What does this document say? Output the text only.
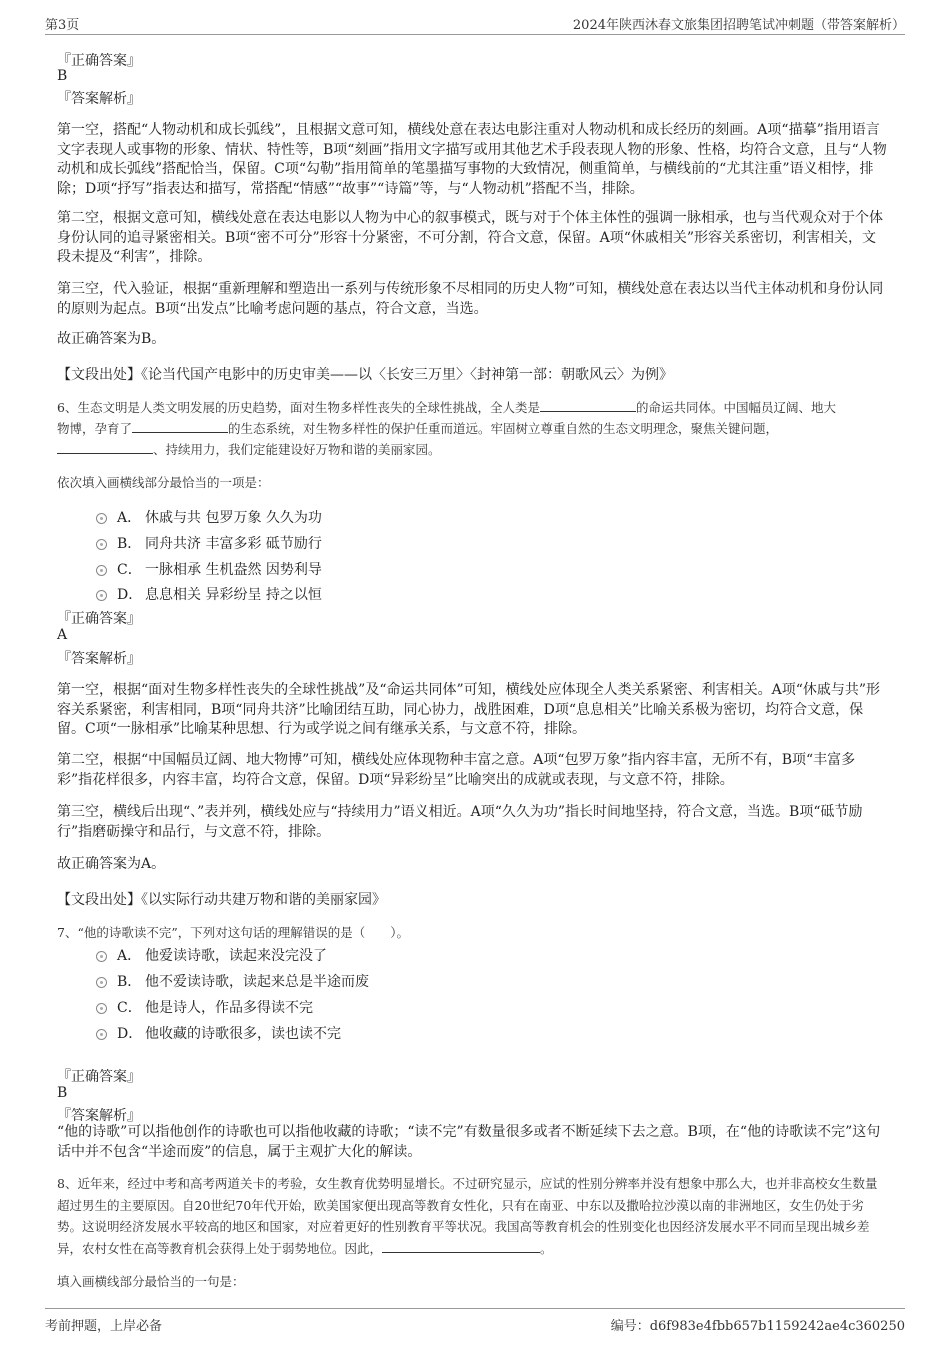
第3页	2024年陕西沐春文旅集团招聘笔试冲刺题（带答案解析）
『正确答案』
B
『答案解析』
第一空，搭配“人物动机和成长弧线”，且根据文意可知，横线处意在表达电影注重对人物动机和成长经历的刻画。A项“描摹”指用语言文字表现人或事物的形象、情状、特性等，B项“刻画”指用文字描写或用其他艺术手段表现人物的形象、性格，均符合文意，且与“人物动机和成长弧线”搭配恰当，保留。C项“勾勒”指用简单的笔墨描写事物的大致情况，侧重简单，与横线前的“尤其注重”语义相悖，排除；D项“抒写”指表达和描写，常搭配“情感”“故事”“诗篇”等，与“人物动机”搭配不当，排除。
第二空，根据文意可知，横线处意在表达电影以人物为中心的叙事模式，既与对于个体主体性的强调一脉相承，也与当代观众对于个体身份认同的追寻紧密相关。B项“密不可分”形容十分紧密，不可分割，符合文意，保留。A项“休戚相关”形容关系密切，利害相关，文段未提及“利害”，排除。
第三空，代入验证，根据“重新理解和塑造出一系列与传统形象不尽相同的历史人物”可知，横线处意在表达以当代主体动机和身份认同的原则为起点。B项“出发点”比喻考虑问题的基点，符合文意，当选。
故正确答案为B。
【文段出处】《论当代国产电影中的历史审美——以〈长安三万里〉〈封神第一部：朝歌风云〉为例》
6、生态文明是人类文明发展的历史趋势，面对生物多样性丧失的全球性挑战，全人类是	的命运共同体。中国幅员辽阔、地大
物博，孕育了	的生态系统，对生物多样性的保护任重而道远。牢固树立尊重自然的生态文明理念，聚焦关键问题，
、持续用力，我们定能建设好万物和谐的美丽家园。
依次填入画横线部分最恰当的一项是：
A． 休戚与共 包罗万象 久久为功
B． 同舟共济 丰富多彩 砥节励行
C． 一脉相承 生机盎然 因势利导
D． 息息相关 异彩纷呈 持之以恒
『正确答案』
A
『答案解析』
第一空，根据“面对生物多样性丧失的全球性挑战”及“命运共同体”可知，横线处应体现全人类关系紧密、利害相关。A项“休戚与共”形容关系紧密，利害相同，B项“同舟共济”比喻团结互助，同心协力，战胜困难，D项“息息相关”比喻关系极为密切，均符合文意，保留。C项“一脉相承”比喻某种思想、行为或学说之间有继承关系，与文意不符，排除。
第二空，根据“中国幅员辽阔、地大物博”可知，横线处应体现物种丰富之意。A项“包罗万象”指内容丰富，无所不有，B项“丰富多彩”指花样很多，内容丰富，均符合文意，保留。D项“异彩纷呈”比喻突出的成就或表现，与文意不符，排除。
第三空，横线后出现“、”表并列，横线处应与“持续用力”语义相近。A项“久久为功”指长时间地坚持，符合文意，当选。B项“砥节励行”指磨砺操守和品行，与文意不符，排除。
故正确答案为A。
【文段出处】《以实际行动共建万物和谐的美丽家园》
7、“他的诗歌读不完”，下列对这句话的理解错误的是（　　）。
A． 他爱读诗歌，读起来没完没了
B． 他不爱读诗歌，读起来总是半途而废
C． 他是诗人，作品多得读不完
D． 他收藏的诗歌很多，读也读不完
『正确答案』
B
『答案解析』
“他的诗歌”可以指他创作的诗歌也可以指他收藏的诗歌；“读不完”有数量很多或者不断延续下去之意。B项，在“他的诗歌读不完”这句话中并不包含“半途而废”的信息，属于主观扩大化的解读。
8、近年来，经过中考和高考两道关卡的考验，女生教育优势明显增长。不过研究显示，应试的性别分辨率并没有想象中那么大，也并非高校女生数量超过男生的主要原因。自20世纪70年代开始，欧美国家便出现高等教育女性化，只有在南亚、中东以及撒哈拉沙漠以南的非洲地区，女生仍处于劣势。这说明经济发展水平较高的地区和国家，对应着更好的性别教育平等状况。我国高等教育机会的性别变化也因经济发展水平不同而呈现出城乡差异，农村女性在高等教育机会获得上处于弱势地位。因此，	。
填入画横线部分最恰当的一句是：
考前押题，上岸必备	编号：d6f983e4fbb657b1159242ae4c360250
